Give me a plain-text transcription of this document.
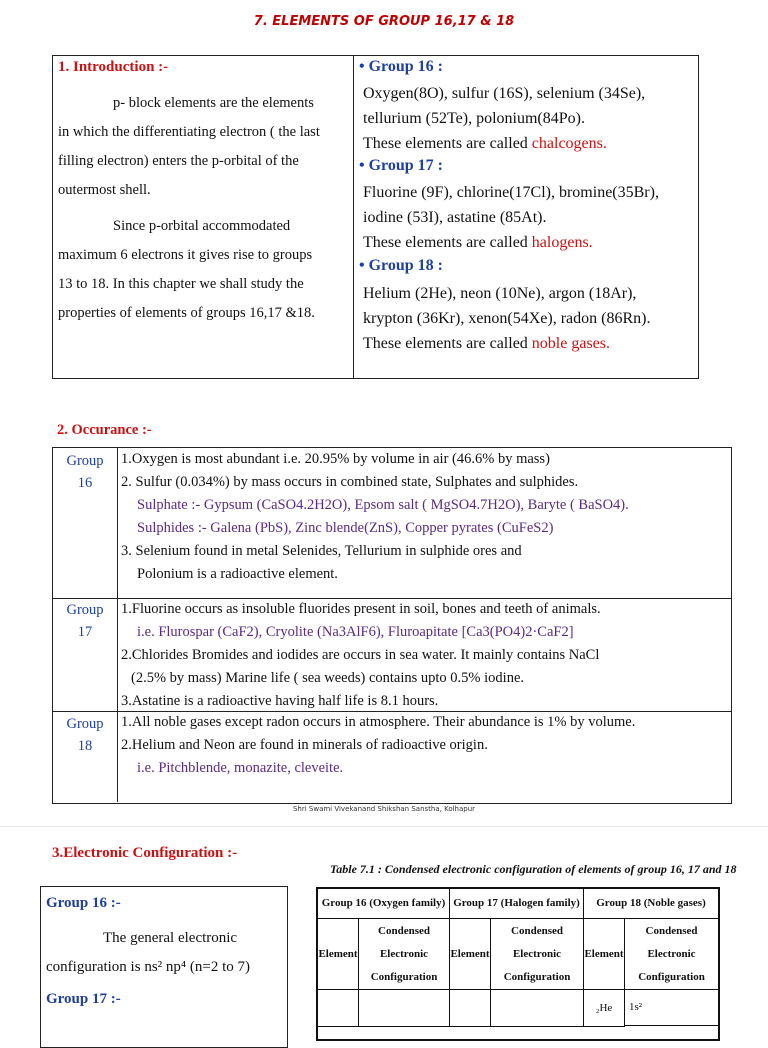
7. ELEMENTS OF GROUP 16,17 & 18
1. Introduction :-
p- block elements are the elements
in which the differentiating electron ( the last
filling electron) enters the p-orbital of the
outermost shell.
Since p-orbital accommodated
maximum 6 electrons it gives rise to groups
13 to 18. In this chapter we shall study the
properties of elements of groups 16,17 &18.
• Group 16 :
Oxygen(8O), sulfur (16S), selenium (34Se),
tellurium (52Te), polonium(84Po).
These elements are called chalcogens.
• Group 17 :
Fluorine (9F), chlorine(17Cl), bromine(35Br),
iodine (53I), astatine (85At).
These elements are called halogens.
• Group 18 :
Helium (2He), neon (10Ne), argon (18Ar),
krypton (36Kr), xenon(54Xe), radon (86Rn).
These elements are called noble gases.
2. Occurance :-
Group
16
1.Oxygen is most abundant i.e. 20.95% by volume in air (46.6% by mass)
2. Sulfur (0.034%) by mass occurs in combined state, Sulphates and sulphides.
Sulphate :- Gypsum (CaSO4.2H2O), Epsom salt ( MgSO4.7H2O), Baryte ( BaSO4).
Sulphides :- Galena (PbS), Zinc blende(ZnS), Copper pyrates (CuFeS2)
3. Selenium found in metal Selenides, Tellurium in sulphide ores and
Polonium is a radioactive element.
Group
17
1.Fluorine occurs as insoluble fluorides present in soil, bones and teeth of animals.
i.e. Flurospar (CaF2), Cryolite (Na3AlF6), Fluroapitate [Ca3(PO4)2·CaF2]
2.Chlorides Bromides and iodides are occurs in sea water. It mainly contains NaCl
(2.5% by mass) Marine life ( sea weeds) contains upto 0.5% iodine.
3.Astatine is a radioactive having half life is 8.1 hours.
Group
18
1.All noble gases except radon occurs in atmosphere. Their abundance is 1% by volume.
2.Helium and Neon are found in minerals of radioactive origin.
i.e. Pitchblende, monazite, cleveite.
Shri Swami Vivekanand Shikshan Sanstha, Kolhapur
3.Electronic Configuration :-
Group 16 :-
The general electronic
configuration is ns² np⁴ (n=2 to 7)
Group 17 :-
Table 7.1 : Condensed electronic configuration of elements of group 16, 17 and 18
Group 16 (Oxygen family) Group 17 (Halogen family)	Group 18 (Noble gases)
Element
Condensed Electronic Configuration
Element
Condensed Electronic Configuration
Element
Condensed Electronic Configuration
₂He	1s²
